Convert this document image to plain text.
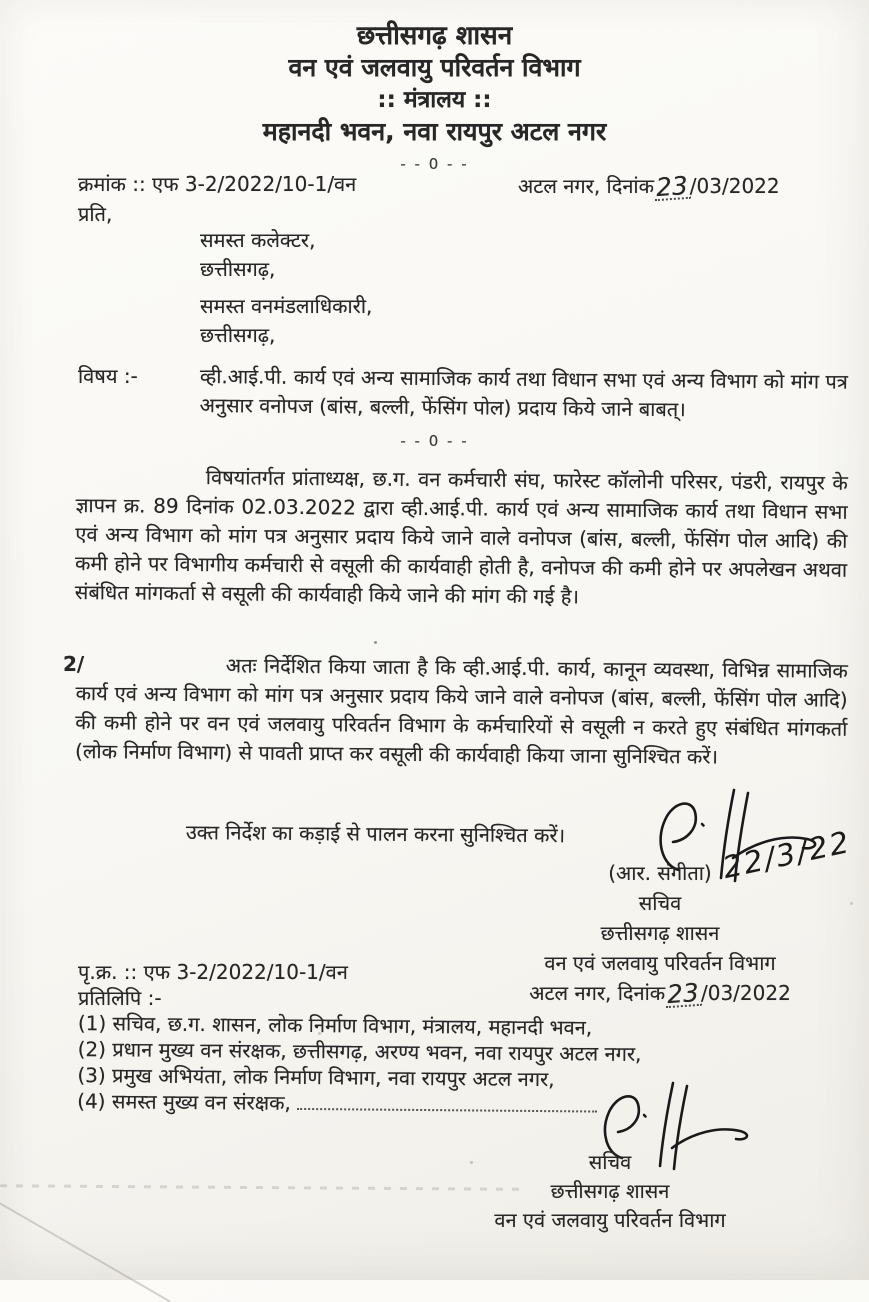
छत्तीसगढ़ शासन
वन एवं जलवायु परिवर्तन विभाग
:: मंत्रालय ::
महानदी भवन, नवा रायपुर अटल नगर
- - 0 - -
क्रमांक :: एफ 3-2/2022/10-1/वन	अटल नगर, दिनांक23/03/2022
प्रति,
समस्त कलेक्टर,
छत्तीसगढ़,
समस्त वनमंडलाधिकारी,
छत्तीसगढ़,
विषय :-	व्ही.आई.पी. कार्य एवं अन्य सामाजिक कार्य तथा विधान सभा एवं अन्य विभाग को मांग पत्र अनुसार वनोपज (बांस, बल्ली, फेंसिंग पोल) प्रदाय किये जाने बाबत्।
- - 0 - -
विषयांतर्गत प्रांताध्यक्ष, छ.ग. वन कर्मचारी संघ, फारेस्ट कॉलोनी परिसर, पंडरी, रायपुर के ज्ञापन क्र. 89 दिनांक 02.03.2022 द्वारा व्ही.आई.पी. कार्य एवं अन्य सामाजिक कार्य तथा विधान सभा एवं अन्य विभाग को मांग पत्र अनुसार प्रदाय किये जाने वाले वनोपज (बांस, बल्ली, फेंसिंग पोल आदि) की कमी होने पर विभागीय कर्मचारी से वसूली की कार्यवाही होती है, वनोपज की कमी होने पर अपलेखन अथवा संबंधित मांगकर्ता से वसूली की कार्यवाही किये जाने की मांग की गई है।
2/	अतः निर्देशित किया जाता है कि व्ही.आई.पी. कार्य, कानून व्यवस्था, विभिन्न सामाजिक कार्य एवं अन्य विभाग को मांग पत्र अनुसार प्रदाय किये जाने वाले वनोपज (बांस, बल्ली, फेंसिंग पोल आदि) की कमी होने पर वन एवं जलवायु परिवर्तन विभाग के कर्मचारियों से वसूली न करते हुए संबंधित मांगकर्ता (लोक निर्माण विभाग) से पावती प्राप्त कर वसूली की कार्यवाही किया जाना सुनिश्चित करें।
उक्त निर्देश का कड़ाई से पालन करना सुनिश्चित करें।	22/3/22
(आर. संगीता)
सचिव
छत्तीसगढ़ शासन
वन एवं जलवायु परिवर्तन विभाग
अटल नगर, दिनांक23/03/2022
पृ.क्र. :: एफ 3-2/2022/10-1/वन
प्रतिलिपि :-
(1) सचिव, छ.ग. शासन, लोक निर्माण विभाग, मंत्रालय, महानदी भवन,
(2) प्रधान मुख्य वन संरक्षक, छत्तीसगढ़, अरण्य भवन, नवा रायपुर अटल नगर,
(3) प्रमुख अभियंता, लोक निर्माण विभाग, नवा रायपुर अटल नगर,
(4) समस्त मुख्य वन संरक्षक,
सचिव
छत्तीसगढ़ शासन
वन एवं जलवायु परिवर्तन विभाग
